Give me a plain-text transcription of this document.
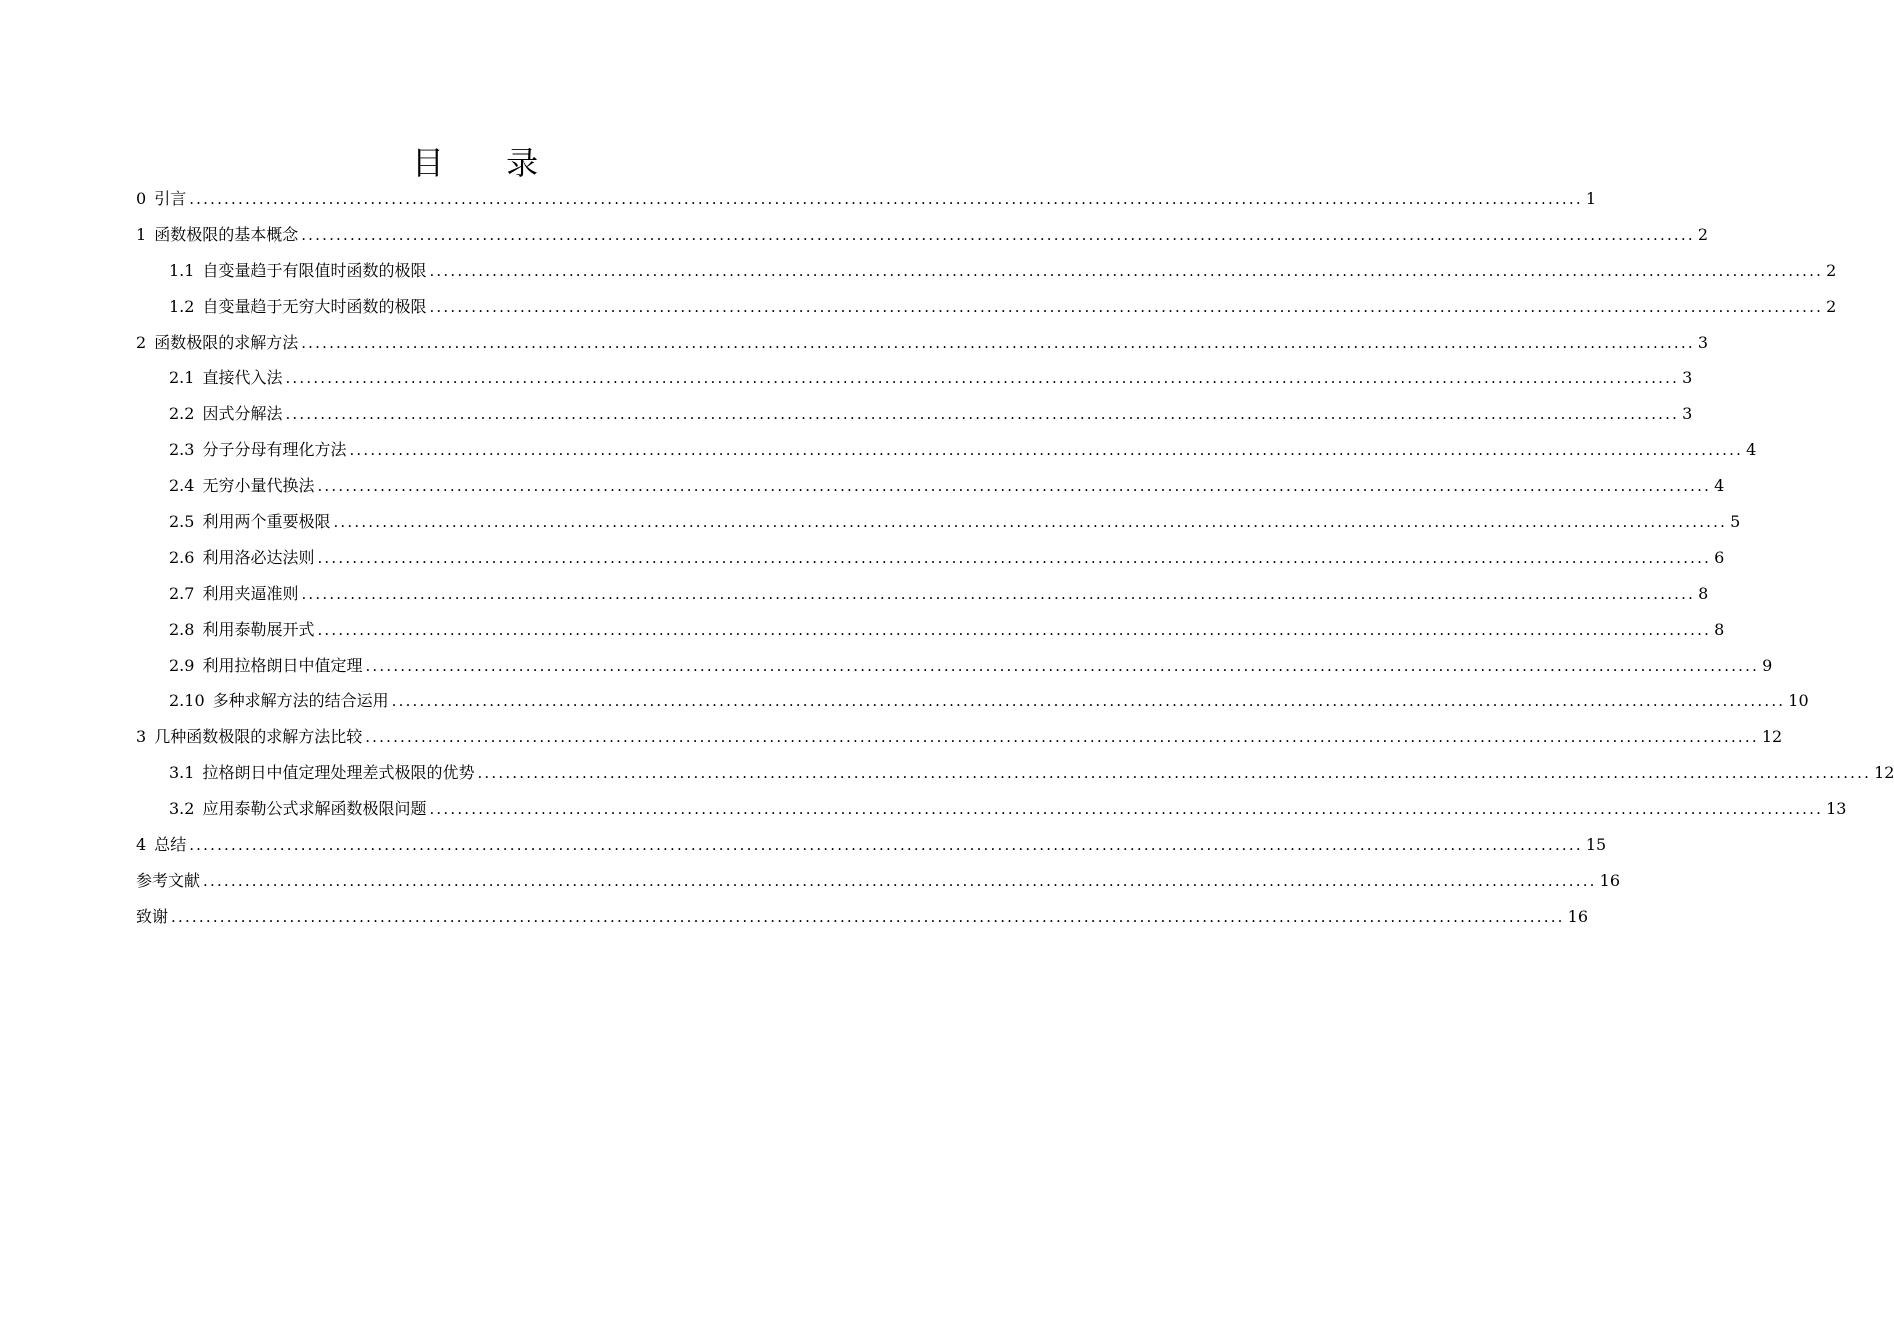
目 录
0 引言 ........................................................................................................................................................................................................ 1
1 函数极限的基本概念 ........................................................................................................................................................................................................ 2
1.1 自变量趋于有限值时函数的极限 ........................................................................................................................................................................................................ 2
1.2 自变量趋于无穷大时函数的极限 ........................................................................................................................................................................................................ 2
2 函数极限的求解方法 ........................................................................................................................................................................................................ 3
2.1 直接代入法 ........................................................................................................................................................................................................ 3
2.2 因式分解法 ........................................................................................................................................................................................................ 3
2.3 分子分母有理化方法 ........................................................................................................................................................................................................ 4
2.4 无穷小量代换法 ........................................................................................................................................................................................................ 4
2.5 利用两个重要极限 ........................................................................................................................................................................................................ 5
2.6 利用洛必达法则 ........................................................................................................................................................................................................ 6
2.7 利用夹逼准则 ........................................................................................................................................................................................................ 8
2.8 利用泰勒展开式 ........................................................................................................................................................................................................ 8
2.9 利用拉格朗日中值定理 ........................................................................................................................................................................................................ 9
2.10 多种求解方法的结合运用 ........................................................................................................................................................................................................ 10
3 几种函数极限的求解方法比较 ........................................................................................................................................................................................................ 12
3.1 拉格朗日中值定理处理差式极限的优势 ........................................................................................................................................................................................................ 12
3.2 应用泰勒公式求解函数极限问题 ........................................................................................................................................................................................................ 13
4 总结 ........................................................................................................................................................................................................ 15
参考文献 ........................................................................................................................................................................................................ 16
致谢 ........................................................................................................................................................................................................ 16
